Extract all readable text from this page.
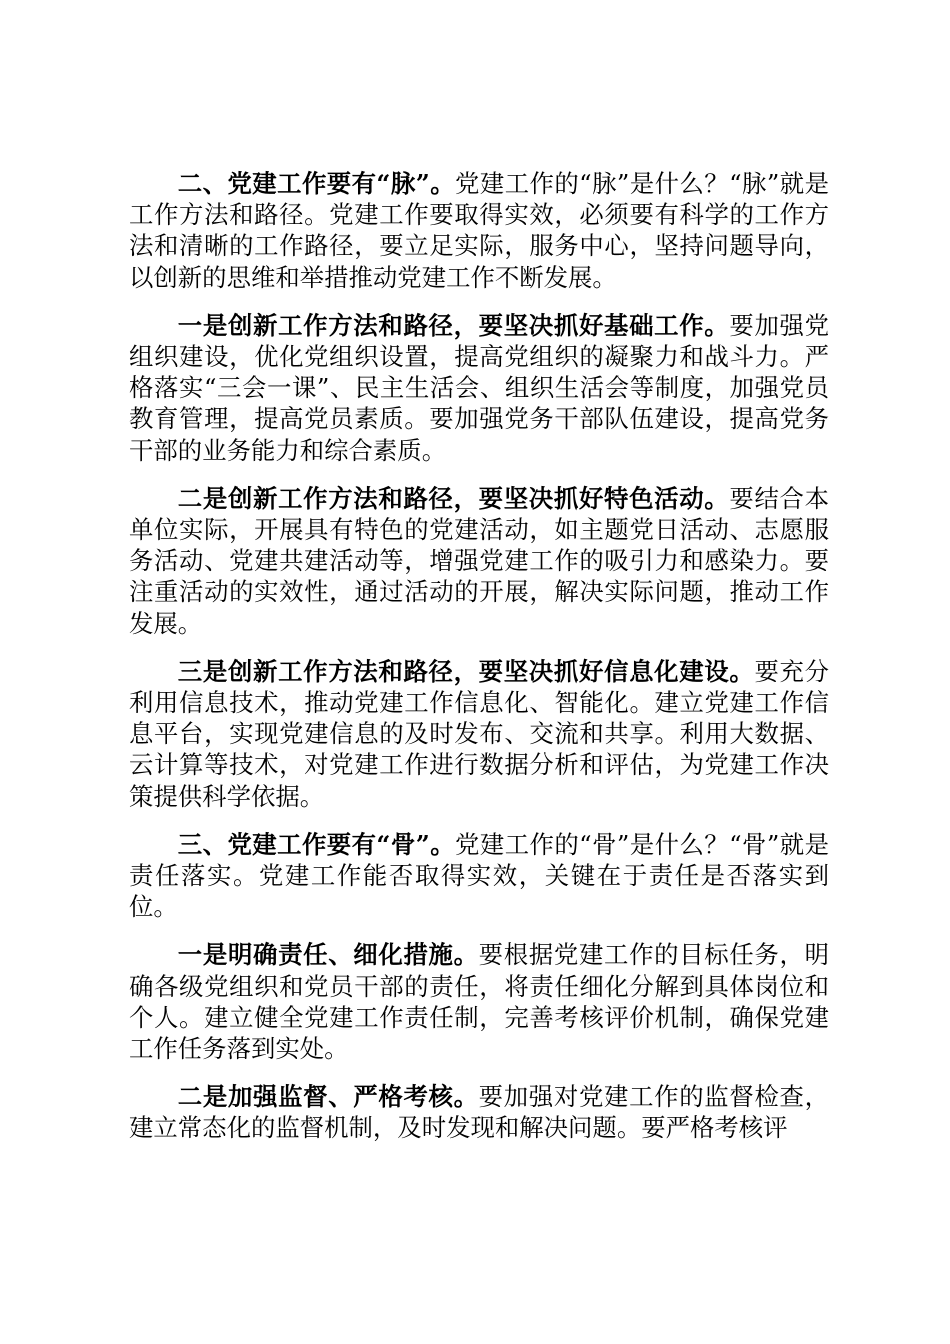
二、党建工作要有“脉”。党建工作的“脉”是什么？“脉”就是工作方法和路径。党建工作要取得实效，必须要有科学的工作方法和清晰的工作路径，要立足实际，服务中心，坚持问题导向，以创新的思维和举措推动党建工作不断发展。

一是创新工作方法和路径，要坚决抓好基础工作。要加强党组织建设，优化党组织设置，提高党组织的凝聚力和战斗力。严格落实“三会一课”、民主生活会、组织生活会等制度，加强党员教育管理，提高党员素质。要加强党务干部队伍建设，提高党务干部的业务能力和综合素质。

二是创新工作方法和路径，要坚决抓好特色活动。要结合本单位实际，开展具有特色的党建活动，如主题党日活动、志愿服务活动、党建共建活动等，增强党建工作的吸引力和感染力。要注重活动的实效性，通过活动的开展，解决实际问题，推动工作发展。

三是创新工作方法和路径，要坚决抓好信息化建设。要充分利用信息技术，推动党建工作信息化、智能化。建立党建工作信息平台，实现党建信息的及时发布、交流和共享。利用大数据、云计算等技术，对党建工作进行数据分析和评估，为党建工作决策提供科学依据。

三、党建工作要有“骨”。党建工作的“骨”是什么？“骨”就是责任落实。党建工作能否取得实效，关键在于责任是否落实到位。

一是明确责任、细化措施。要根据党建工作的目标任务，明确各级党组织和党员干部的责任，将责任细化分解到具体岗位和个人。建立健全党建工作责任制，完善考核评价机制，确保党建工作任务落到实处。

二是加强监督、严格考核。要加强对党建工作的监督检查，建立常态化的监督机制，及时发现和解决问题。要严格考核评
